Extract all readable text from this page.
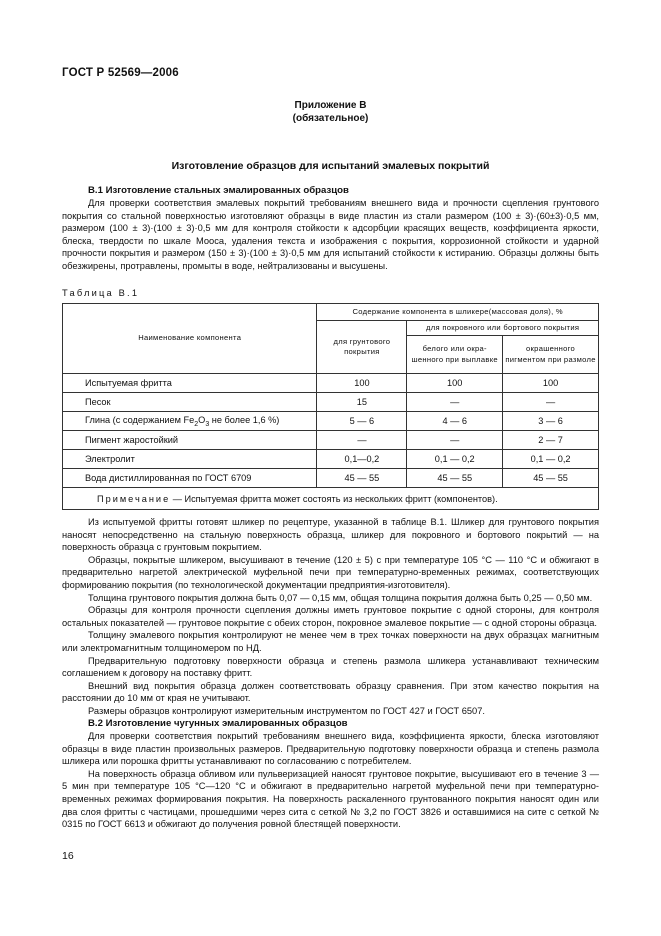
ГОСТ Р 52569—2006
Приложение В
(обязательное)
Изготовление образцов для испытаний эмалевых покрытий
В.1 Изготовление стальных эмалированных образцов

Для проверки соответствия эмалевых покрытий требованиям внешнего вида и прочности сцепления грунтового покрытия со стальной поверхностью изготовляют образцы в виде пластин из стали размером (100 ± 3)·(60±3)·0,5 мм, размером (100 ± 3)·(100 ± 3)·0,5 мм для контроля стойкости к адсорбции красящих веществ, коэффициента яркости, блеска, твердости по шкале Мооса, удаления текста и изображения с покрытия, коррозионной стойкости и ударной прочности покрытия и размером (150 ± 3)·(100 ± 3)·0,5 мм для испытаний стойкости к истиранию. Образцы должны быть обезжирены, протравлены, промыты в воде, нейтрализованы и высушены.

Таблица В.1
Наименование компонента	Содержание компонента в шликере(массовая доля), %		
	для грунтового покрытия	для покровного или бортового покрытия	
		белого или окра-шенного при выплавке	окрашенного пигментом при размоле
Испытуемая фритта	100	100	100
Песок	15	—	—
Глина (с содержанием $Fe_2O_3$ не более 1,6 %)	5 — 6	4 — 6	3 — 6
Пигмент жаростойкий	—	—	2 — 7
Электролит	0,1—0,2	0,1 — 0,2	0,1 — 0,2
Вода дистиллированная по ГОСТ 6709	45 — 55	45 — 55	45 — 55
Примечание — Испытуемая фритта может состоять из нескольких фритт (компонентов).			

Из испытуемой фритты готовят шликер по рецептуре, указанной в таблице В.1. Шликер для грунтового покрытия наносят непосредственно на стальную поверхность образца, шликер для покровного и бортового покрытий — на поверхность образца с грунтовым покрытием.

Образцы, покрытые шликером, высушивают в течение (120 ± 5) с при температуре 105 °С — 110 °С и обжигают в предварительно нагретой электрической муфельной печи при температурно-временных режимах, соответствующих формированию покрытия (по технологической документации предприятия-изготовителя).

Толщина грунтового покрытия должна быть 0,07 — 0,15 мм, общая толщина покрытия должна быть 0,25 — 0,50 мм.

Образцы для контроля прочности сцепления должны иметь грунтовое покрытие с одной стороны, для контроля остальных показателей — грунтовое покрытие с обеих сторон, покровное эмалевое покрытие — с одной стороны образца.

Толщину эмалевого покрытия контролируют не менее чем в трех точках поверхности на двух образцах магнитным или электромагнитным толщиномером по НД.

Предварительную подготовку поверхности образца и степень размола шликера устанавливают техническим соглашением к договору на поставку фритт.

Внешний вид покрытия образца должен соответствовать образцу сравнения. При этом качество покрытия на расстоянии до 10 мм от края не учитывают.

Размеры образцов контролируют измерительным инструментом по ГОСТ 427 и ГОСТ 6507.

В.2 Изготовление чугунных эмалированных образцов

Для проверки соответствия покрытий требованиям внешнего вида, коэффициента яркости, блеска изготовляют образцы в виде пластин произвольных размеров. Предварительную подготовку поверхности образца и степень размола шликера или порошка фритты устанавливают по согласованию с потребителем.

На поверхность образца обливом или пульверизацией наносят грунтовое покрытие, высушивают его в течение 3 — 5 мин при температуре 105 °С—120 °С и обжигают в предварительно нагретой муфельной печи при температурно-временных режимах формирования покрытия. На поверхность раскаленного грунтованного покрытия наносят один или два слоя фритты с частицами, прошедшими через сита с сеткой № 3,2 по ГОСТ 3826 и оставшимися на сите с сеткой № 0315 по ГОСТ 6613 и обжигают до получения ровной блестящей поверхности.

16
